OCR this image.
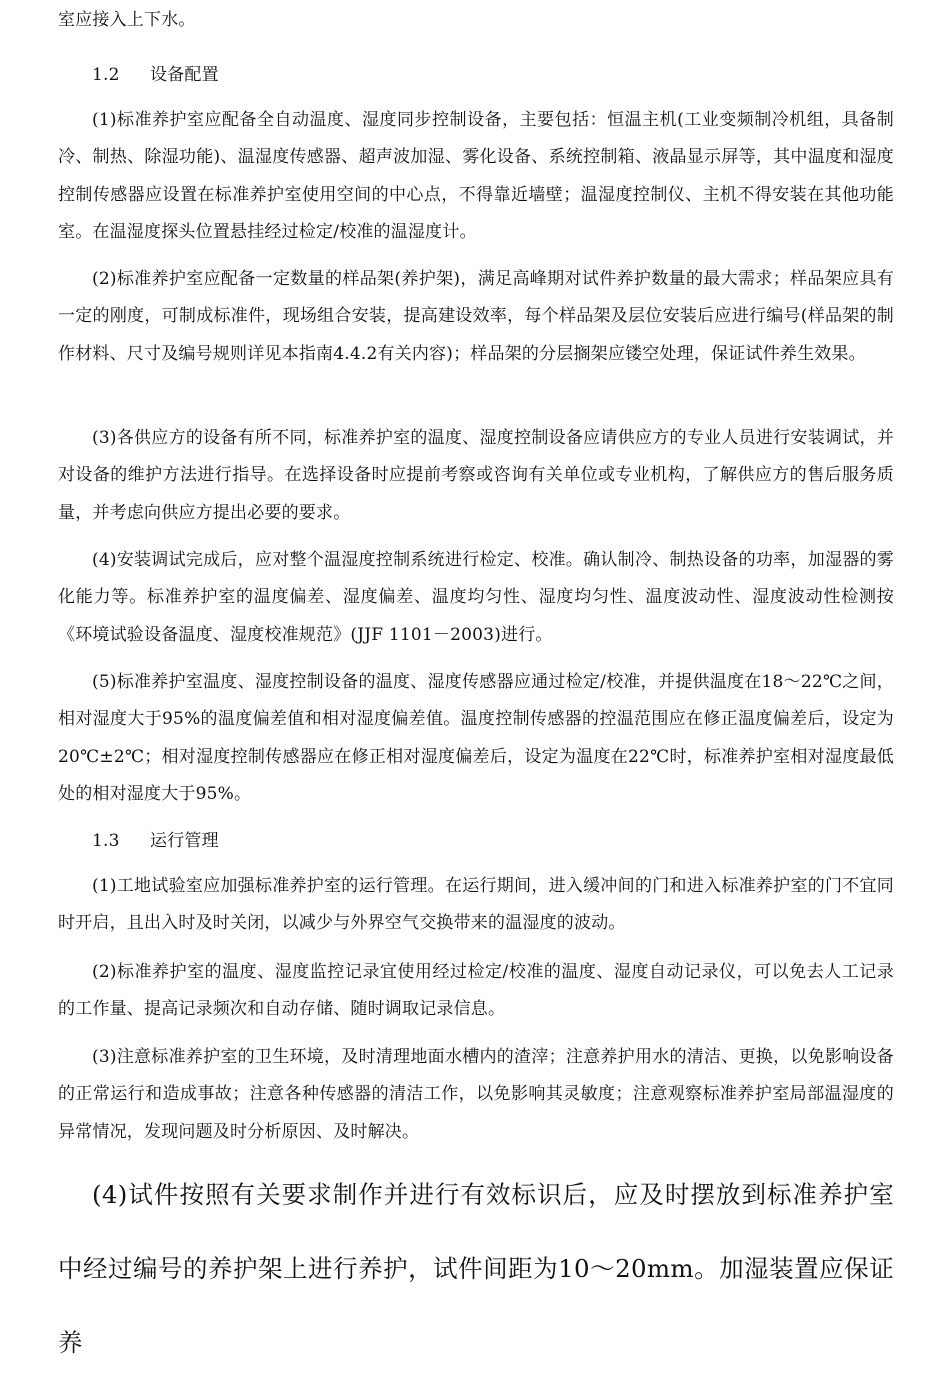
室应接入上下水。

1.2 设备配置

(1)标准养护室应配备全自动温度、湿度同步控制设备，主要包括：恒温主机(工业变频制冷机组，具备制冷、制热、除湿功能)、温湿度传感器、超声波加湿、雾化设备、系统控制箱、液晶显示屏等，其中温度和湿度控制传感器应设置在标准养护室使用空间的中心点，不得靠近墙壁；温湿度控制仪、主机不得安装在其他功能室。在温湿度探头位置悬挂经过检定/校准的温湿度计。

(2)标准养护室应配备一定数量的样品架(养护架)，满足高峰期对试件养护数量的最大需求；样品架应具有一定的刚度，可制成标准件，现场组合安装，提高建设效率，每个样品架及层位安装后应进行编号(样品架的制作材料、尺寸及编号规则详见本指南4.4.2有关内容)；样品架的分层搁架应镂空处理，保证试件养生效果。

(3)各供应方的设备有所不同，标准养护室的温度、湿度控制设备应请供应方的专业人员进行安装调试，并对设备的维护方法进行指导。在选择设备时应提前考察或咨询有关单位或专业机构，了解供应方的售后服务质量，并考虑向供应方提出必要的要求。

(4)安装调试完成后，应对整个温湿度控制系统进行检定、校准。确认制冷、制热设备的功率，加湿器的雾化能力等。标准养护室的温度偏差、湿度偏差、温度均匀性、湿度均匀性、温度波动性、湿度波动性检测按《环境试验设备温度、湿度校准规范》(JJF 1101－2003)进行。

(5)标准养护室温度、湿度控制设备的温度、湿度传感器应通过检定/校准，并提供温度在18～22℃之间，相对湿度大于95%的温度偏差值和相对湿度偏差值。温度控制传感器的控温范围应在修正温度偏差后，设定为20℃±2℃；相对湿度控制传感器应在修正相对湿度偏差后，设定为温度在22℃时，标准养护室相对湿度最低处的相对湿度大于95%。

1.3 运行管理

(1)工地试验室应加强标准养护室的运行管理。在运行期间，进入缓冲间的门和进入标准养护室的门不宜同时开启，且出入时及时关闭，以减少与外界空气交换带来的温湿度的波动。

(2)标准养护室的温度、湿度监控记录宜使用经过检定/校准的温度、湿度自动记录仪，可以免去人工记录的工作量、提高记录频次和自动存储、随时调取记录信息。

(3)注意标准养护室的卫生环境，及时清理地面水槽内的渣滓；注意养护用水的清洁、更换，以免影响设备的正常运行和造成事故；注意各种传感器的清洁工作，以免影响其灵敏度；注意观察标准养护室局部温湿度的异常情况，发现问题及时分析原因、及时解决。

(4)试件按照有关要求制作并进行有效标识后，应及时摆放到标准养护室中经过编号的养护架上进行养护，试件间距为10～20mm。加湿装置应保证养
